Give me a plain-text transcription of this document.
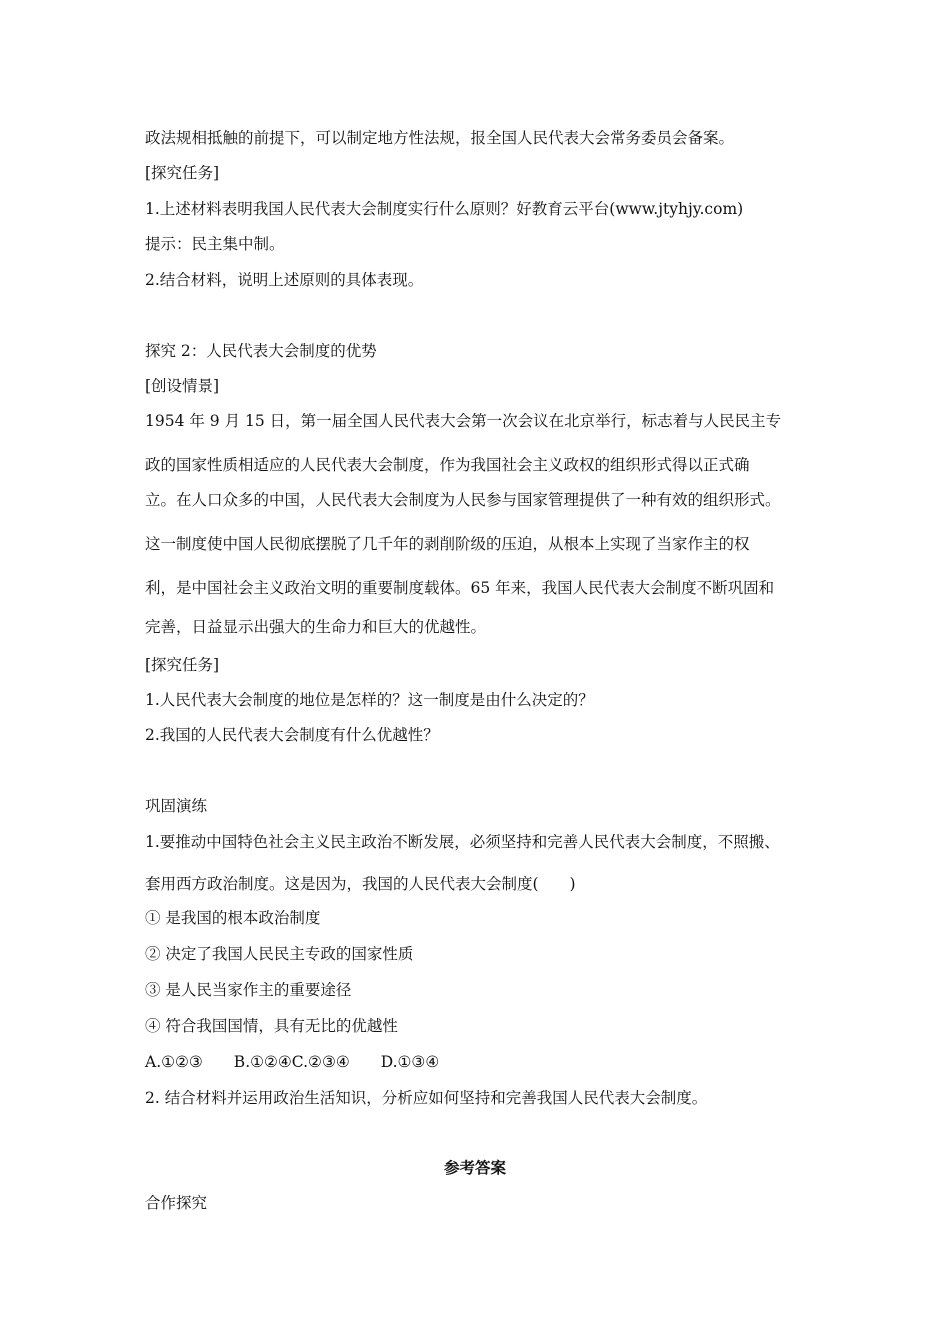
政法规相抵触的前提下，可以制定地方性法规，报全国人民代表大会常务委员会备案。
[探究任务]
1.上述材料表明我国人民代表大会制度实行什么原则？好教育云平台(www.jtyhjy.com)
提示：民主集中制。
2.结合材料，说明上述原则的具体表现。
探究 2：人民代表大会制度的优势
[创设情景]
1954 年 9 月 15 日，第一届全国人民代表大会第一次会议在北京举行，标志着与人民民主专
政的国家性质相适应的人民代表大会制度，作为我国社会主义政权的组织形式得以正式确
立。在人口众多的中国，人民代表大会制度为人民参与国家管理提供了一种有效的组织形式。
这一制度使中国人民彻底摆脱了几千年的剥削阶级的压迫，从根本上实现了当家作主的权
利，是中国社会主义政治文明的重要制度载体。65 年来，我国人民代表大会制度不断巩固和
完善，日益显示出强大的生命力和巨大的优越性。
[探究任务]
1.人民代表大会制度的地位是怎样的？这一制度是由什么决定的？
2.我国的人民代表大会制度有什么优越性？
巩固演练
1.要推动中国特色社会主义民主政治不断发展，必须坚持和完善人民代表大会制度，不照搬、
套用西方政治制度。这是因为，我国的人民代表大会制度(　　)
① 是我国的根本政治制度
② 决定了我国人民民主专政的国家性质
③ 是人民当家作主的重要途径
④ 符合我国国情，具有无比的优越性
A.①②③　　B.①②④C.②③④　　D.①③④
2. 结合材料并运用政治生活知识，分析应如何坚持和完善我国人民代表大会制度。
参考答案
合作探究
